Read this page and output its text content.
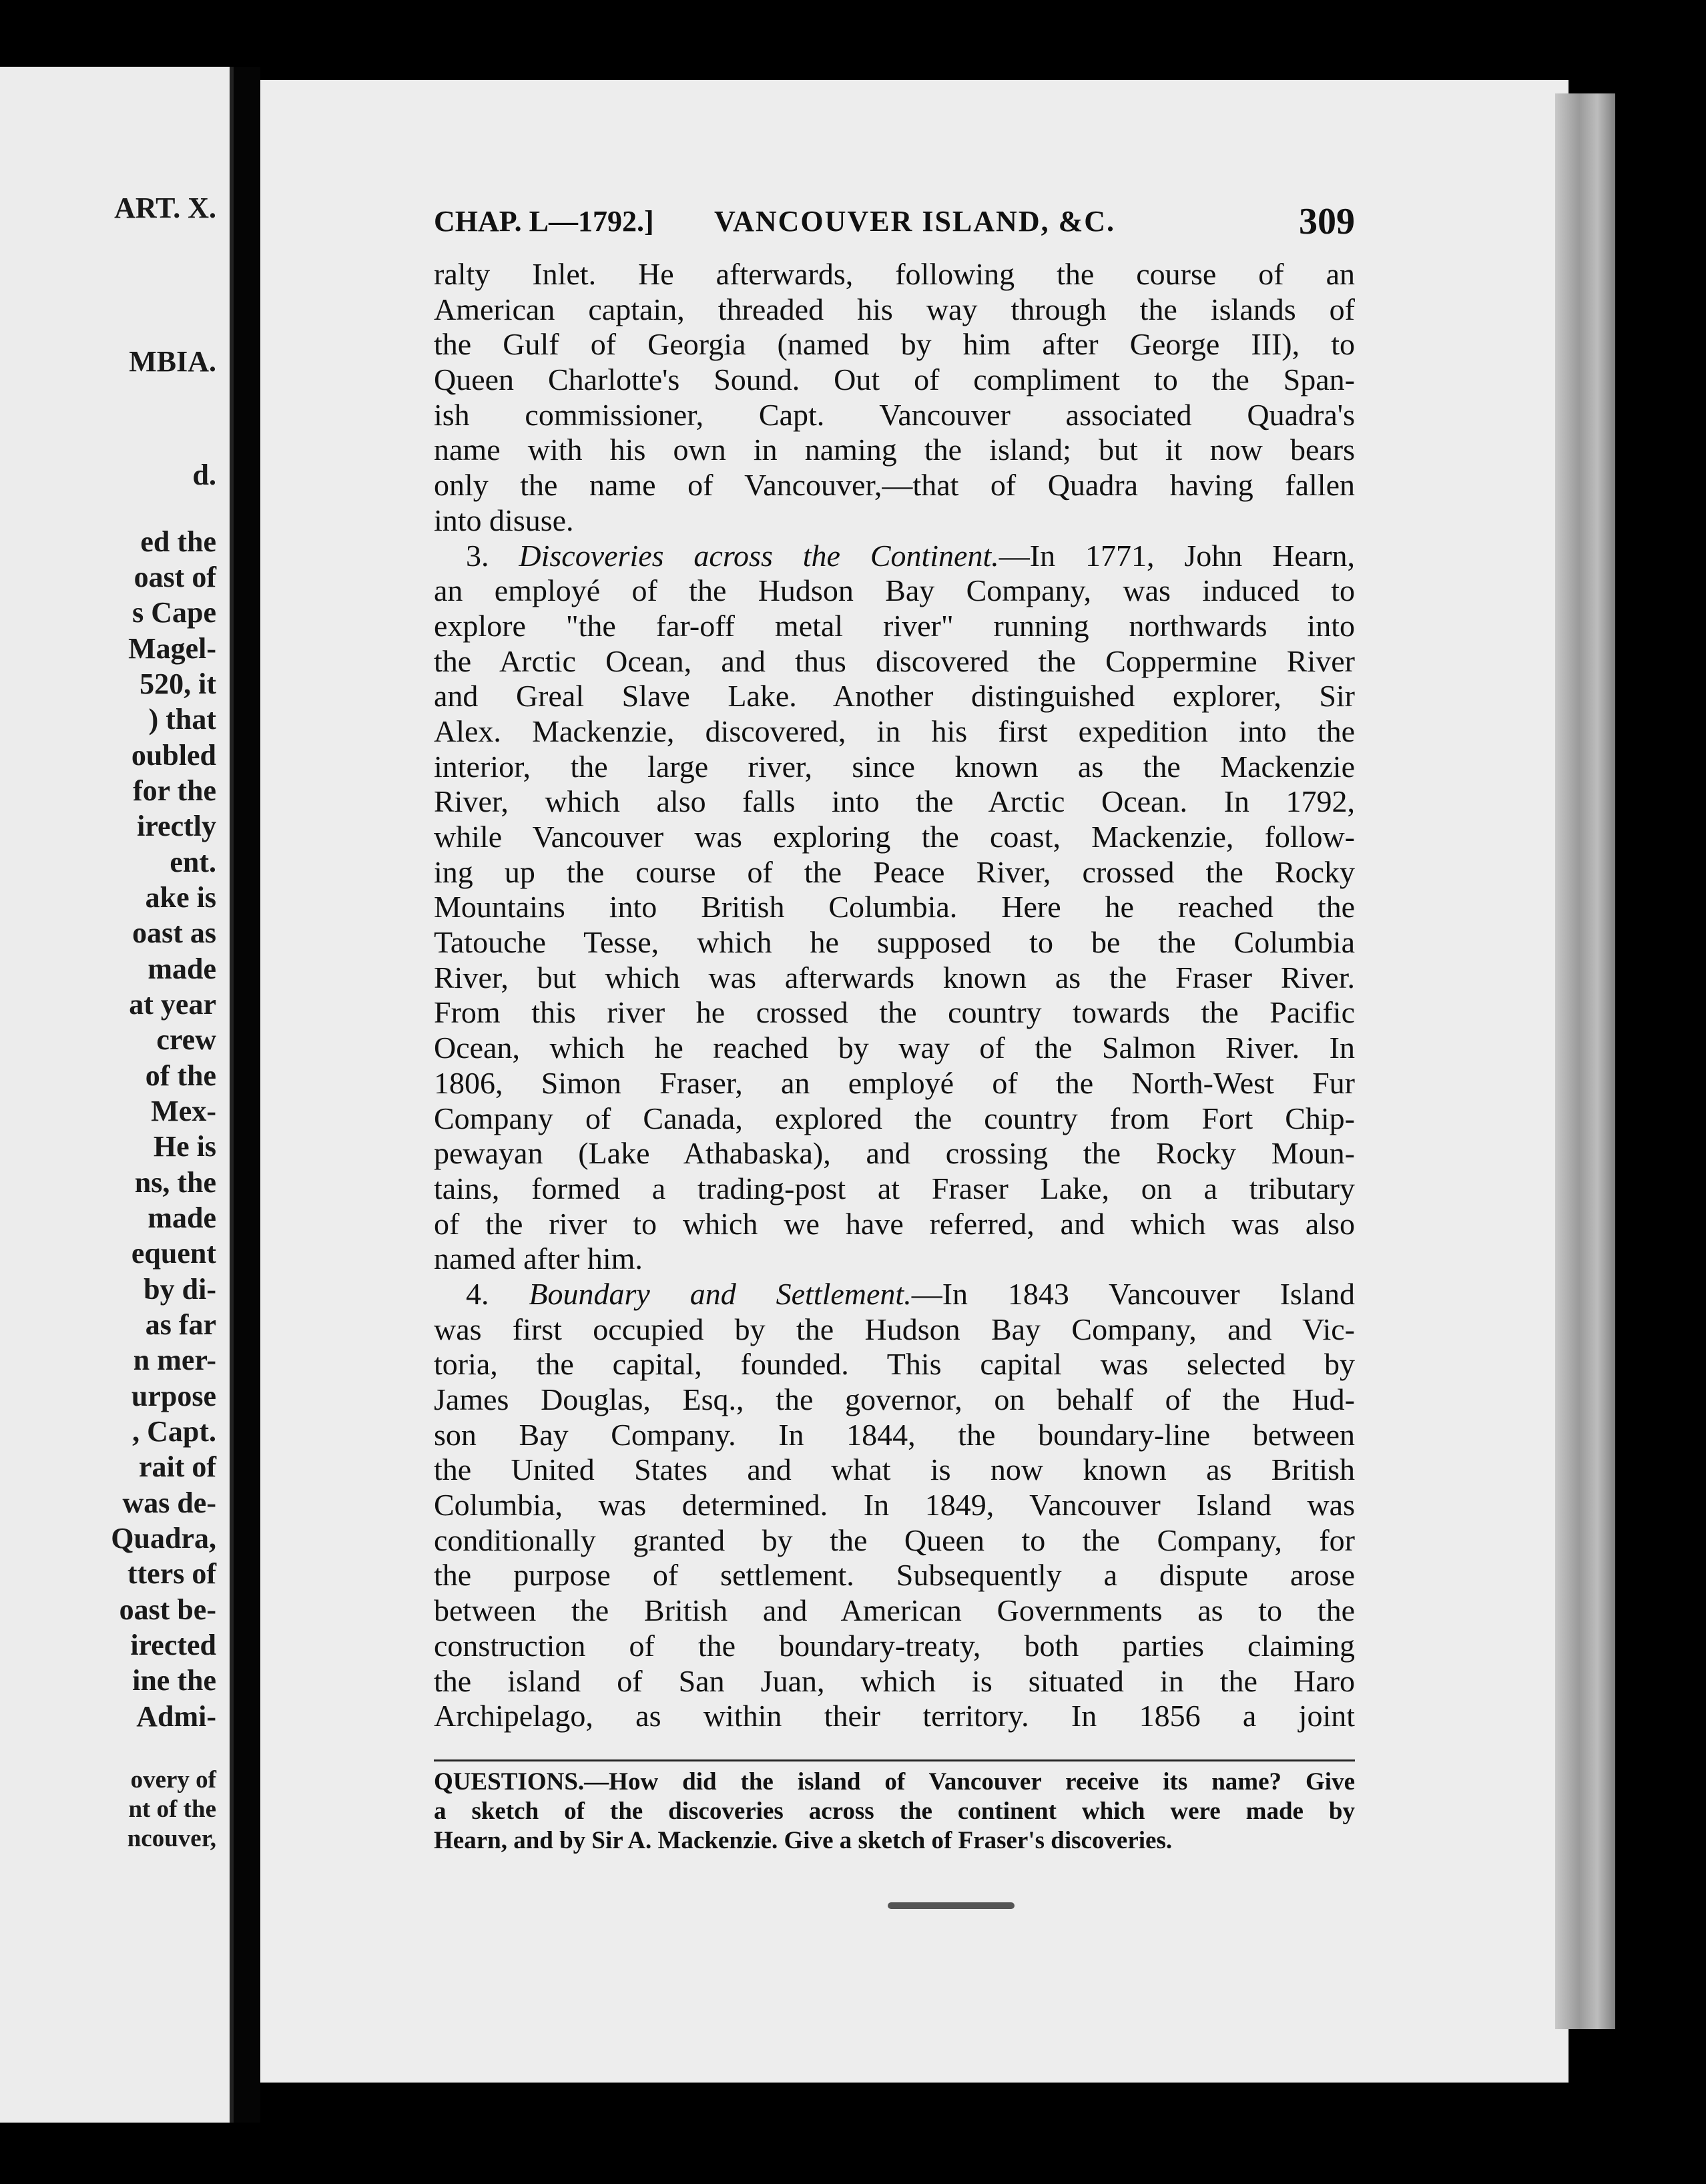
ART. X.
MBIA.
d.
ed the
oast of
s Cape
Magel-
520, it
) that
oubled
for the
irectly
ent.
ake is
oast as
made
at year
crew
of the
Mex-
He is
ns, the
made
equent
by di-
as far
n mer-
urpose
, Capt.
rait of
was de-
Quadra,
tters of
oast be-
irected
ine the
Admi-
overy of
nt of the
ncouver,
CHAP. L—1792.] VANCOUVER ISLAND, &C.	309
ralty Inlet. He afterwards, following the course of an
American captain, threaded his way through the islands of
the Gulf of Georgia (named by him after George III), to
Queen Charlotte's Sound. Out of compliment to the Span-
ish commissioner, Capt. Vancouver associated Quadra's
name with his own in naming the island; but it now bears
only the name of Vancouver,—that of Quadra having fallen
into disuse.
3. Discoveries across the Continent.—In 1771, John Hearn,
an employé of the Hudson Bay Company, was induced to
explore "the far-off metal river" running northwards into
the Arctic Ocean, and thus discovered the Coppermine River
and Greal Slave Lake. Another distinguished explorer, Sir
Alex. Mackenzie, discovered, in his first expedition into the
interior, the large river, since known as the Mackenzie
River, which also falls into the Arctic Ocean. In 1792,
while Vancouver was exploring the coast, Mackenzie, follow-
ing up the course of the Peace River, crossed the Rocky
Mountains into British Columbia. Here he reached the
Tatouche Tesse, which he supposed to be the Columbia
River, but which was afterwards known as the Fraser River.
From this river he crossed the country towards the Pacific
Ocean, which he reached by way of the Salmon River. In
1806, Simon Fraser, an employé of the North-West Fur
Company of Canada, explored the country from Fort Chip-
pewayan (Lake Athabaska), and crossing the Rocky Moun-
tains, formed a trading-post at Fraser Lake, on a tributary
of the river to which we have referred, and which was also
named after him.
4. Boundary and Settlement.—In 1843 Vancouver Island
was first occupied by the Hudson Bay Company, and Vic-
toria, the capital, founded. This capital was selected by
James Douglas, Esq., the governor, on behalf of the Hud-
son Bay Company. In 1844, the boundary-line between
the United States and what is now known as British
Columbia, was determined. In 1849, Vancouver Island was
conditionally granted by the Queen to the Company, for
the purpose of settlement. Subsequently a dispute arose
between the British and American Governments as to the
construction of the boundary-treaty, both parties claiming
the island of San Juan, which is situated in the Haro
Archipelago, as within their territory. In 1856 a joint
QUESTIONS.—How did the island of Vancouver receive its name? Give
a sketch of the discoveries across the continent which were made by
Hearn, and by Sir A. Mackenzie. Give a sketch of Fraser's discoveries.
